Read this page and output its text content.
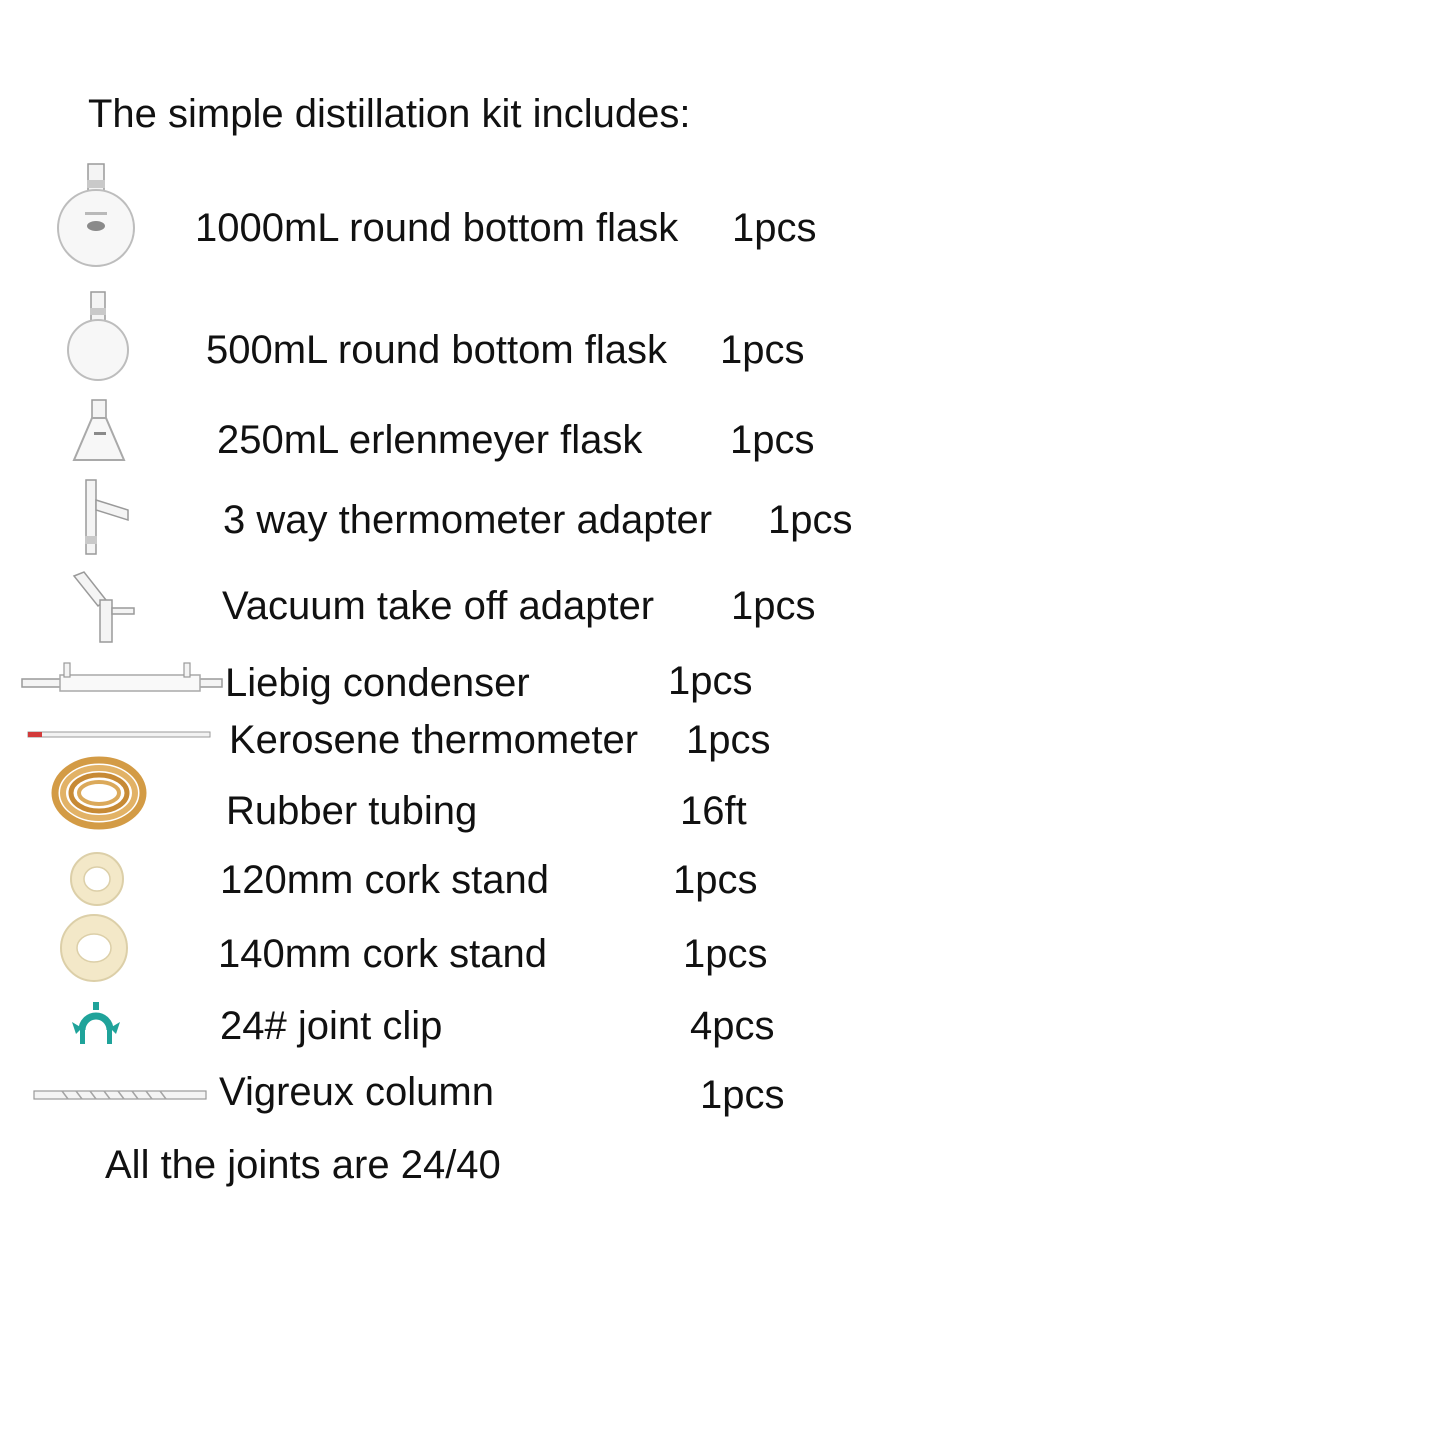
The simple distillation kit includes:
1000mL round bottom flask 1pcs
500mL round bottom flask 1pcs
250mL erlenmeyer flask 1pcs
3 way thermometer adapter 1pcs
Vacuum take off adapter 1pcs
Liebig condenser	1pcs
Kerosene thermometer 1pcs
Rubber tubing	16ft
120mm cork stand	1pcs
140mm cork stand	1pcs
24# joint clip	4pcs
Vigreux column	1pcs
All the joints are 24/40
